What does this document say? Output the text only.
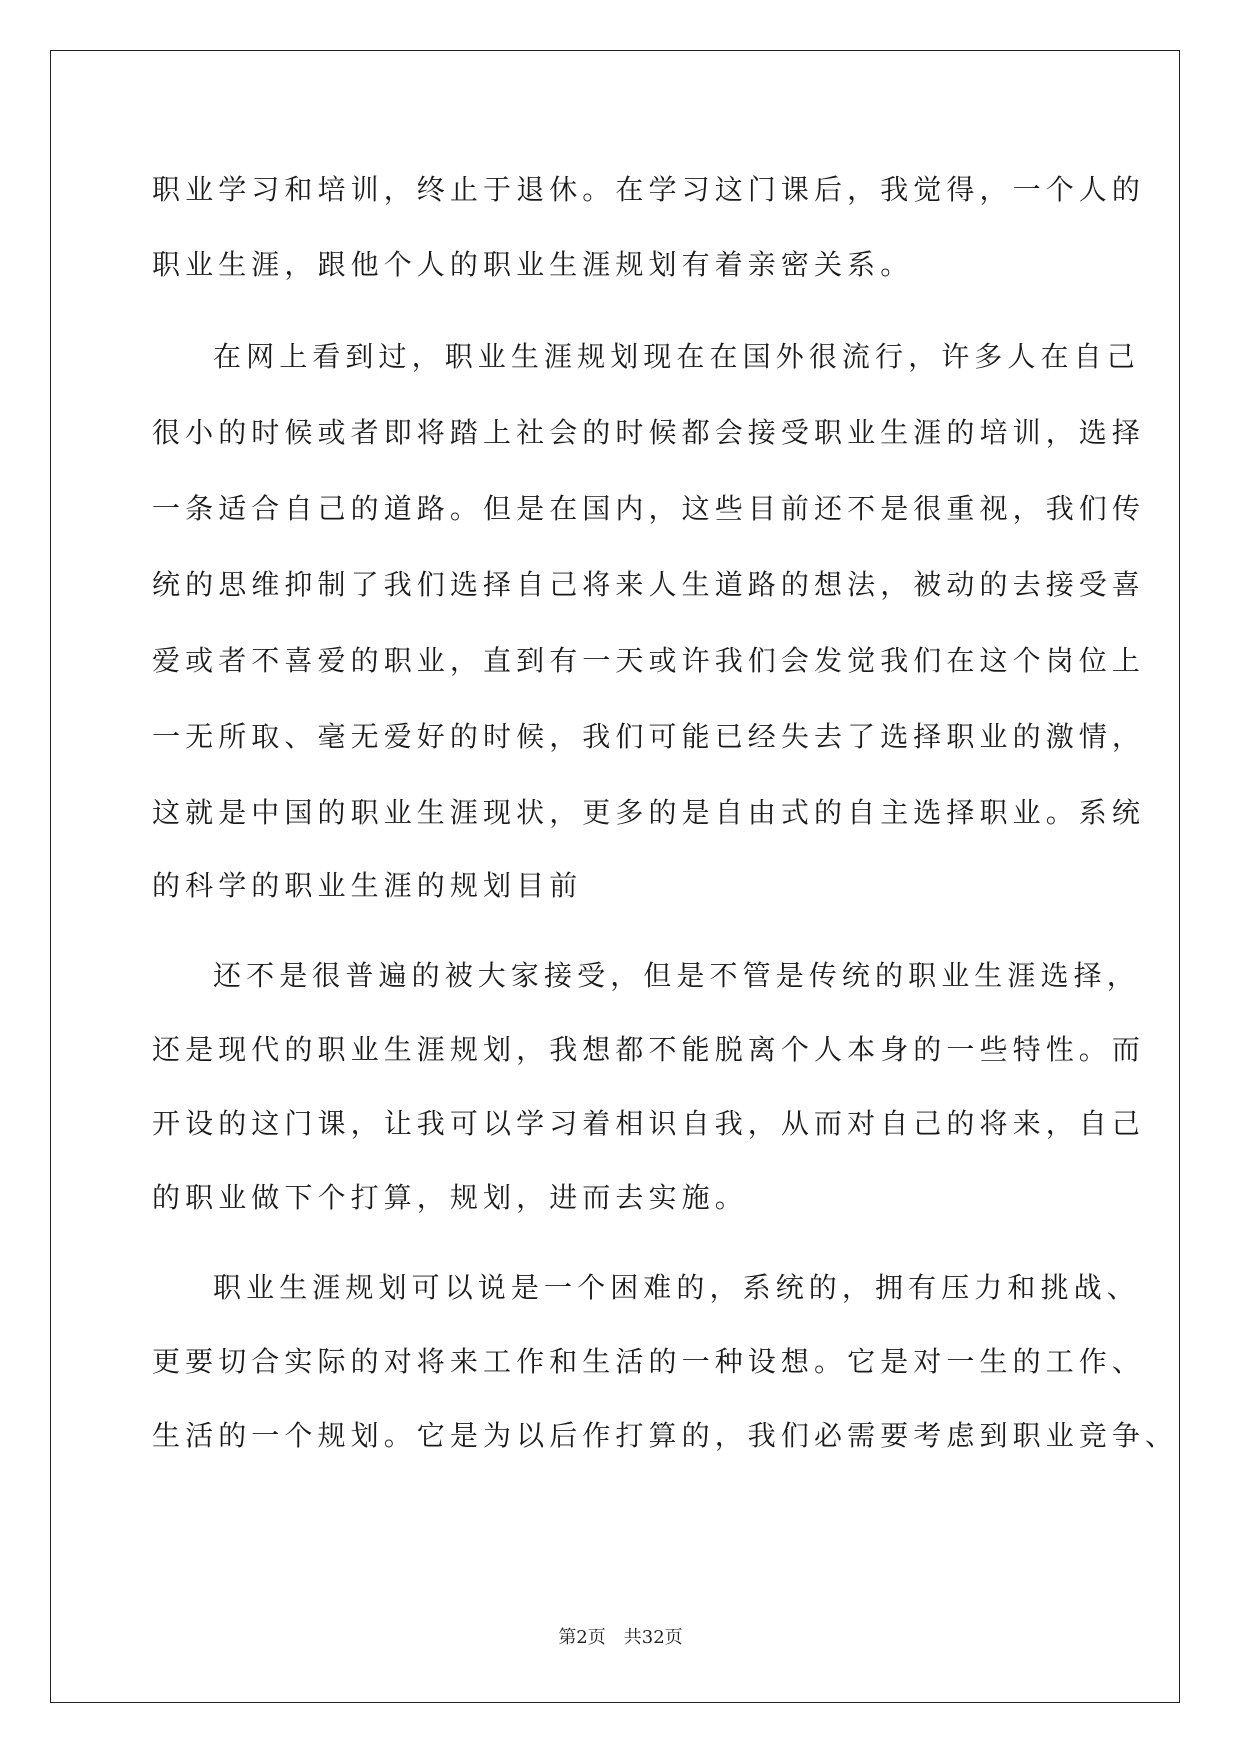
职业学习和培训，终止于退休。在学习这门课后，我觉得，一个人的

职业生涯，跟他个人的职业生涯规划有着亲密关系。

在网上看到过，职业生涯规划现在在国外很流行，许多人在自己

很小的时候或者即将踏上社会的时候都会接受职业生涯的培训，选择

一条适合自己的道路。但是在国内，这些目前还不是很重视，我们传

统的思维抑制了我们选择自己将来人生道路的想法，被动的去接受喜

爱或者不喜爱的职业，直到有一天或许我们会发觉我们在这个岗位上

一无所取、毫无爱好的时候，我们可能已经失去了选择职业的激情，

这就是中国的职业生涯现状，更多的是自由式的自主选择职业。系统

的科学的职业生涯的规划目前

还不是很普遍的被大家接受，但是不管是传统的职业生涯选择，

还是现代的职业生涯规划，我想都不能脱离个人本身的一些特性。而

开设的这门课，让我可以学习着相识自我，从而对自己的将来，自己

的职业做下个打算，规划，进而去实施。

职业生涯规划可以说是一个困难的，系统的，拥有压力和挑战、

更要切合实际的对将来工作和生活的一种设想。它是对一生的工作、

生活的一个规划。它是为以后作打算的，我们必需要考虑到职业竞争、

第2页 共32页
